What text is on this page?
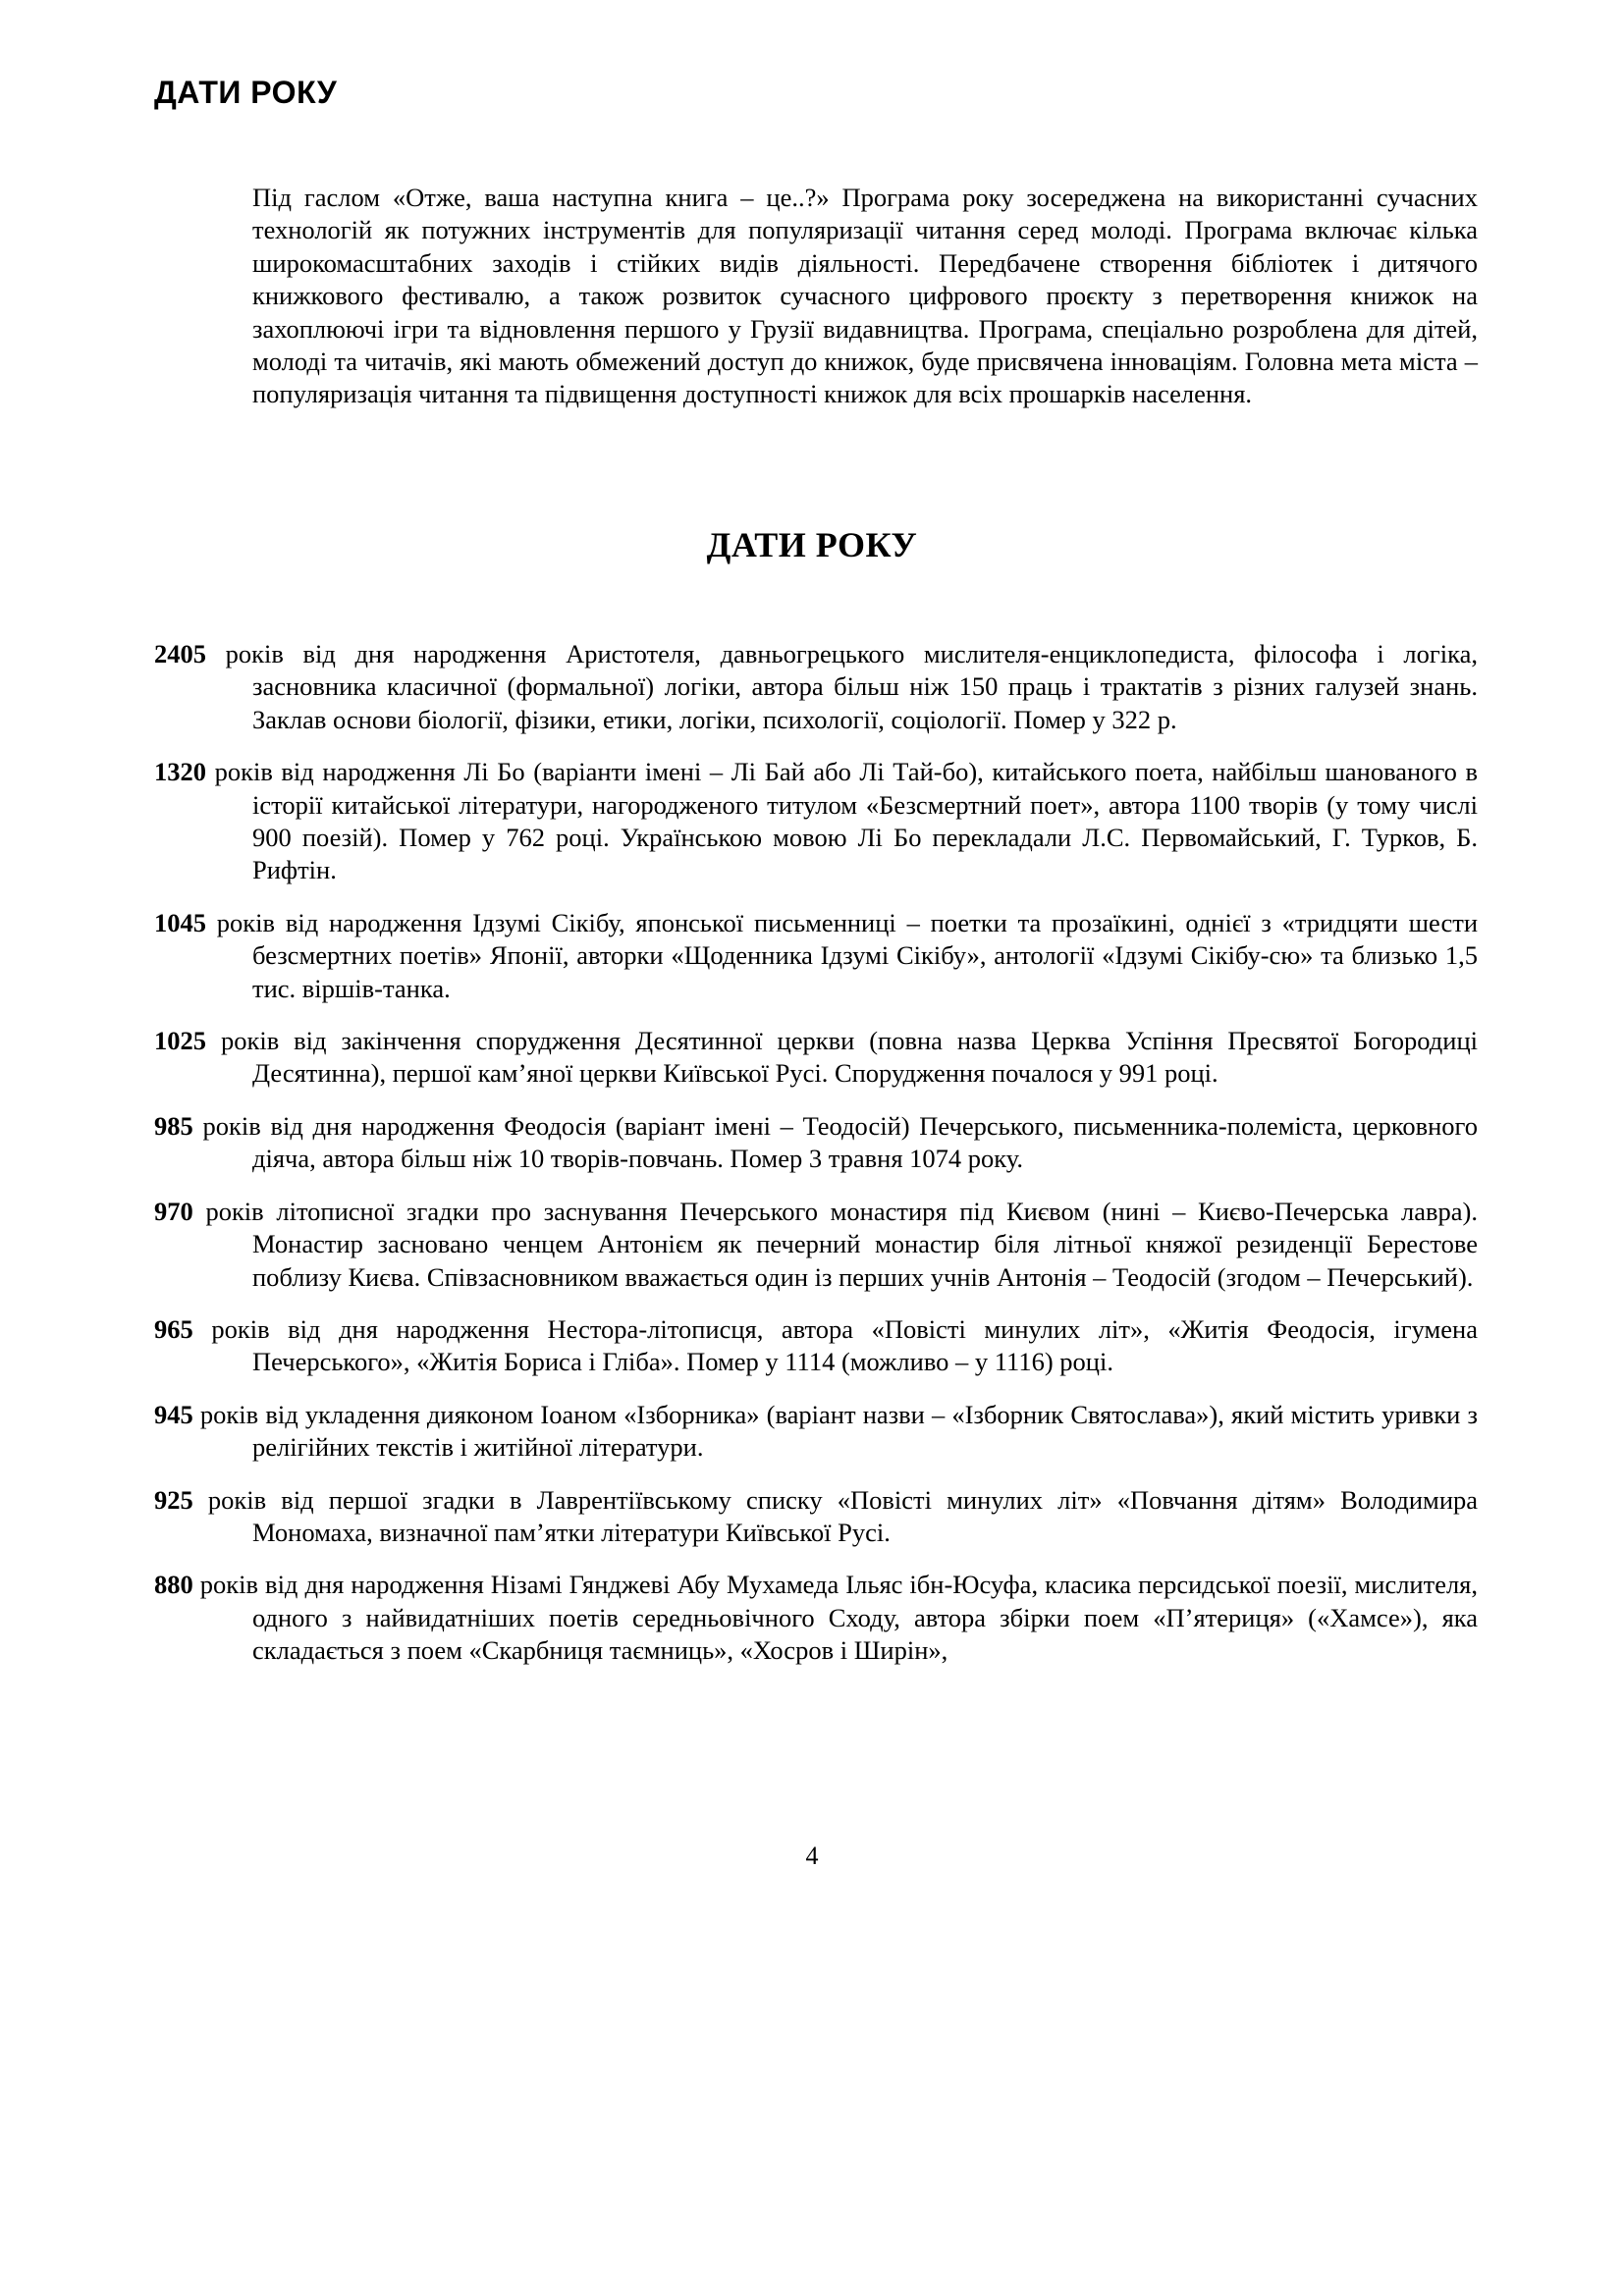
ДАТИ РОКУ

Під гаслом «Отже, ваша наступна книга – це..?» Програма року зосереджена на використанні сучасних технологій як потужних інструментів для популяризації читання серед молоді. Програма включає кілька широкомасштабних заходів і стійких видів діяльності. Передбачене створення бібліотек і дитячого книжкового фестивалю, а також розвиток сучасного цифрового проєкту з перетворення книжок на захоплюючі ігри та відновлення першого у Грузії видавництва. Програма, спеціально розроблена для дітей, молоді та читачів, які мають обмежений доступ до книжок, буде присвячена інноваціям. Головна мета міста – популяризація читання та підвищення доступності книжок для всіх прошарків населення.

ДАТИ РОКУ
2405 років від дня народження Аристотеля, давньогрецького мислителя-енциклопедиста, філософа і логіка, засновника класичної (формальної) логіки, автора більш ніж 150 праць і трактатів з різних галузей знань. Заклав основи біології, фізики, етики, логіки, психології, соціології. Помер у 322 р.
1320 років від народження Лі Бо (варіанти імені – Лі Бай або Лі Тай-бо), китайського поета, найбільш шанованого в історії китайської літератури, нагородженого титулом «Безсмертний поет», автора 1100 творів (у тому числі 900 поезій). Помер у 762 році. Українською мовою Лі Бо перекладали Л.С. Первомайський, Г. Турков, Б. Рифтін.
1045 років від народження Ідзумі Сікібу, японської письменниці – поетки та прозаїкині, однієї з «тридцяти шести безсмертних поетів» Японії, авторки «Щоденника Ідзумі Сікібу», антології «Ідзумі Сікібу-сю» та близько 1,5 тис. віршів-танка.
1025 років від закінчення спорудження Десятинної церкви (повна назва Церква Успіння Пресвятої Богородиці Десятинна), першої кам’яної церкви Київської Русі. Спорудження почалося у 991 році.
985 років від дня народження Феодосія (варіант імені – Теодосій) Печерського, письменника-полеміста, церковного діяча, автора більш ніж 10 творів-повчань. Помер 3 травня 1074 року.
970 років літописної згадки про заснування Печерського монастиря під Києвом (нині – Києво-Печерська лавра). Монастир засновано ченцем Антонієм як печерний монастир біля літньої княжої резиденції Берестове поблизу Києва. Співзасновником вважається один із перших учнів Антонія – Теодосій (згодом – Печерський).
965 років від дня народження Нестора-літописця, автора «Повісті минулих літ», «Житія Феодосія, ігумена Печерського», «Житія Бориса і Гліба». Помер у 1114 (можливо – у 1116) році.
945 років від укладення дияконом Іоаном «Ізборника» (варіант назви – «Ізборник Святослава»), який містить уривки з релігійних текстів і житійної літератури.
925 років від першої згадки в Лаврентіївському списку «Повісті минулих літ» «Повчання дітям» Володимира Мономаха, визначної пам’ятки літератури Київської Русі.
880 років від дня народження Нізамі Гянджеві Абу Мухамеда Ільяс ібн-Юсуфа, класика перcидської поезії, мислителя, одного з найвидатніших поетів середньовічного Сходу, автора збірки поем «П’ятериця» («Хамсе»), яка складається з поем «Скарбниця таємниць», «Хосров і Ширін»,

4
